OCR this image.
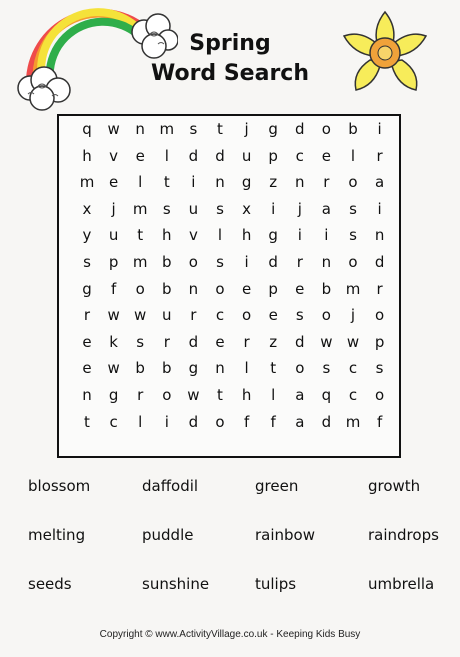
Spring
Word Search
q	w	n m	s	t	j	g	d	o	b	i
h	v	e	l	d	d	u	p	c	e	l	r
m e	l	t	i	n	g	z	n	r	o	a
x	j	m	s	u	s	x	i	j	a	s	i
y	u	t	h	v	l	h	g	i	i	s	n
s	p m b	o	s	i	d	r	n	o	d
g	f	o	b	n	o	e	p	e	b m	r
r	w w	u	r	c	o	e	s	o	j	o
e	k	s	r	d	e	r	z	d	w w	p
e	w	b	b	g	n	l	t	o	s	c	s
n	g	r	o	w	t	h	l	a	q	c	o
t	c	l	i	d	o	f	f	a	d m	f
blossom	daffodil	green	growth
melting	puddle	rainbow	raindrops
seeds	sunshine	tulips	umbrella
Copyright © www.ActivityVillage.co.uk - Keeping Kids Busy
